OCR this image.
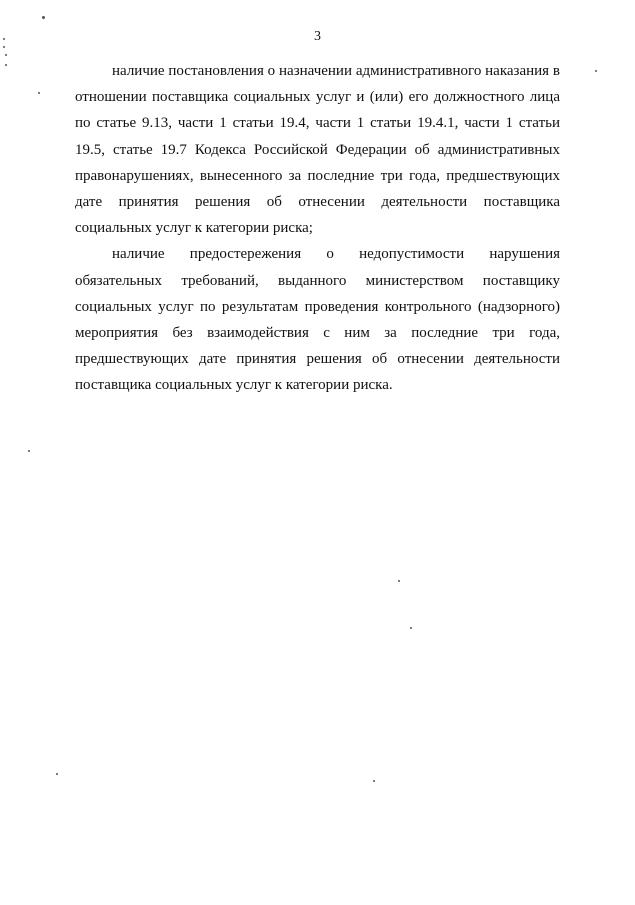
3

наличие постановления о назначении административного наказания в отношении поставщика социальных услуг и (или) его должностного лица по статье 9.13, части 1 статьи 19.4, части 1 статьи 19.4.1, части 1 статьи 19.5, статье 19.7 Кодекса Российской Федерации об административных правонарушениях, вынесенного за последние три года, предшествующих дате принятия решения об отнесении деятельности поставщика социальных услуг к категории риска;

наличие предостережения о недопустимости нарушения обязательных требований, выданного министерством поставщику социальных услуг по результатам проведения контрольного (надзорного) мероприятия без взаимодействия с ним за последние три года, предшествующих дате принятия решения об отнесении деятельности поставщика социальных услуг к категории риска.
